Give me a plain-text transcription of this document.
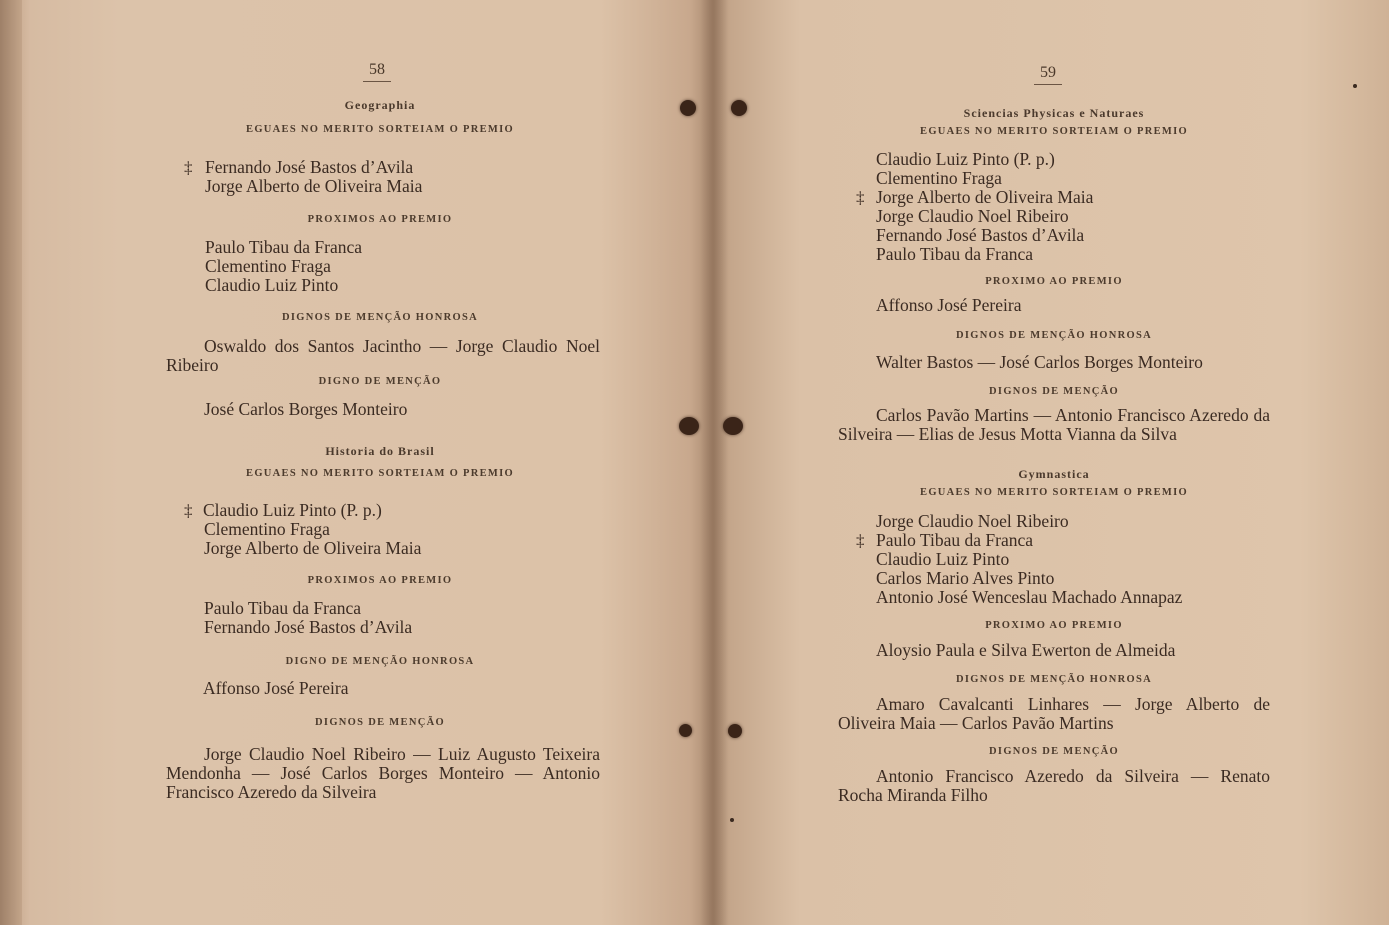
58
Geographia
EGUAES NO MERITO SORTEIAM O PREMIO
‡ Fernando José Bastos d’Avila
Jorge Alberto de Oliveira Maia
PROXIMOS AO PREMIO
Paulo Tibau da Franca
Clementino Fraga
Claudio Luiz Pinto
DIGNOS DE MENÇÃO HONROSA
Oswaldo dos Santos Jacintho — Jorge Claudio Noel Ribeiro
DIGNO DE MENÇÃO
José Carlos Borges Monteiro
Historia do Brasil
EGUAES NO MERITO SORTEIAM O PREMIO
‡ Claudio Luiz Pinto (P. p.)
Clementino Fraga
Jorge Alberto de Oliveira Maia
PROXIMOS AO PREMIO
Paulo Tibau da Franca
Fernando José Bastos d’Avila
DIGNO DE MENÇÃO HONROSA
Affonso José Pereira
DIGNOS DE MENÇÃO
Jorge Claudio Noel Ribeiro — Luiz Augusto Teixeira Mendonha — José Carlos Borges Monteiro — Antonio Francisco Azeredo da Silveira
59
Sciencias Physicas e Naturaes
EGUAES NO MERITO SORTEIAM O PREMIO
Claudio Luiz Pinto (P. p.)
Clementino Fraga
‡ Jorge Alberto de Oliveira Maia
Jorge Claudio Noel Ribeiro
Fernando José Bastos d’Avila
Paulo Tibau da Franca
PROXIMO AO PREMIO
Affonso José Pereira
DIGNOS DE MENÇÃO HONROSA
Walter Bastos — José Carlos Borges Monteiro
DIGNOS DE MENÇÃO
Carlos Pavão Martins — Antonio Francisco Azeredo da Silveira — Elias de Jesus Motta Vianna da Silva
Gymnastica
EGUAES NO MERITO SORTEIAM O PREMIO
Jorge Claudio Noel Ribeiro
‡ Paulo Tibau da Franca
Claudio Luiz Pinto
Carlos Mario Alves Pinto
Antonio José Wenceslau Machado Annapaz
PROXIMO AO PREMIO
Aloysio Paula e Silva Ewerton de Almeida
DIGNOS DE MENÇÃO HONROSA
Amaro Cavalcanti Linhares — Jorge Alberto de Oliveira Maia — Carlos Pavão Martins
DIGNOS DE MENÇÃO
Antonio Francisco Azeredo da Silveira — Renato Rocha Miranda Filho
